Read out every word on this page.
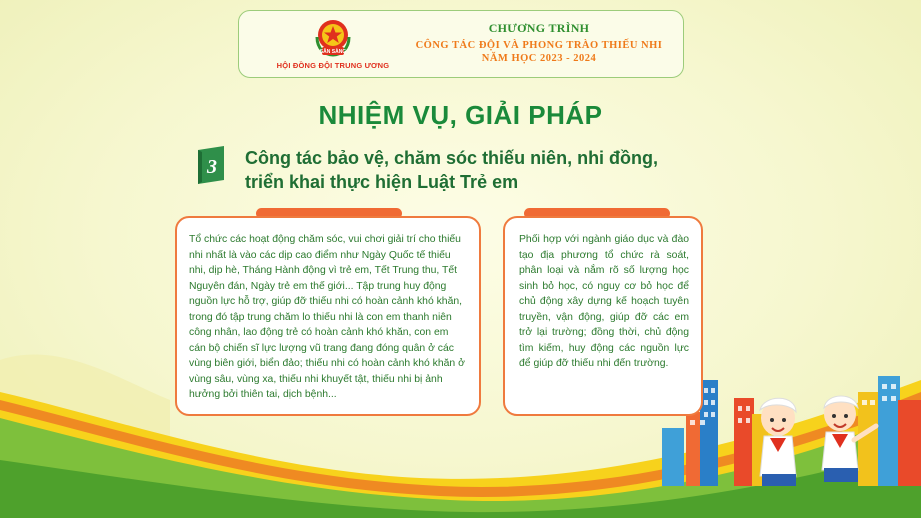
SẴN SÀNG
HỘI ĐỒNG ĐỘI TRUNG ƯƠNG
CHƯƠNG TRÌNH
CÔNG TÁC ĐỘI VÀ PHONG TRÀO THIẾU NHI
NĂM HỌC 2023 - 2024
NHIỆM VỤ, GIẢI PHÁP
3 Công tác bảo vệ, chăm sóc thiếu niên, nhi đồng,
triển khai thực hiện Luật Trẻ em

Tổ chức các hoạt động chăm sóc, vui chơi giải trí cho thiếu nhi nhất là vào các dịp cao điểm như Ngày Quốc tế thiếu nhi, dịp hè, Tháng Hành động vì trẻ em, Tết Trung thu, Tết Nguyên đán, Ngày trẻ em thế giới... Tập trung huy động nguồn lực hỗ trợ, giúp đỡ thiếu nhi có hoàn cảnh khó khăn, trong đó tập trung chăm lo thiếu nhi là con em thanh niên công nhân, lao động trẻ có hoàn cảnh khó khăn, con em cán bộ chiến sĩ lực lượng vũ trang đang đóng quân ở các vùng biên giới, biển đảo; thiếu nhi có hoàn cảnh khó khăn ở vùng sâu, vùng xa, thiếu nhi khuyết tật, thiếu nhi bị ảnh hưởng bởi thiên tai, dịch bệnh...

Phối hợp với ngành giáo dục và đào tạo địa phương tổ chức rà soát, phân loại và nắm rõ số lượng học sinh bỏ học, có nguy cơ bỏ học để chủ động xây dựng kế hoạch tuyên truyền, vận động, giúp đỡ các em trở lại trường; đồng thời, chủ động tìm kiếm, huy động các nguồn lực để giúp đỡ thiếu nhi đến trường.
